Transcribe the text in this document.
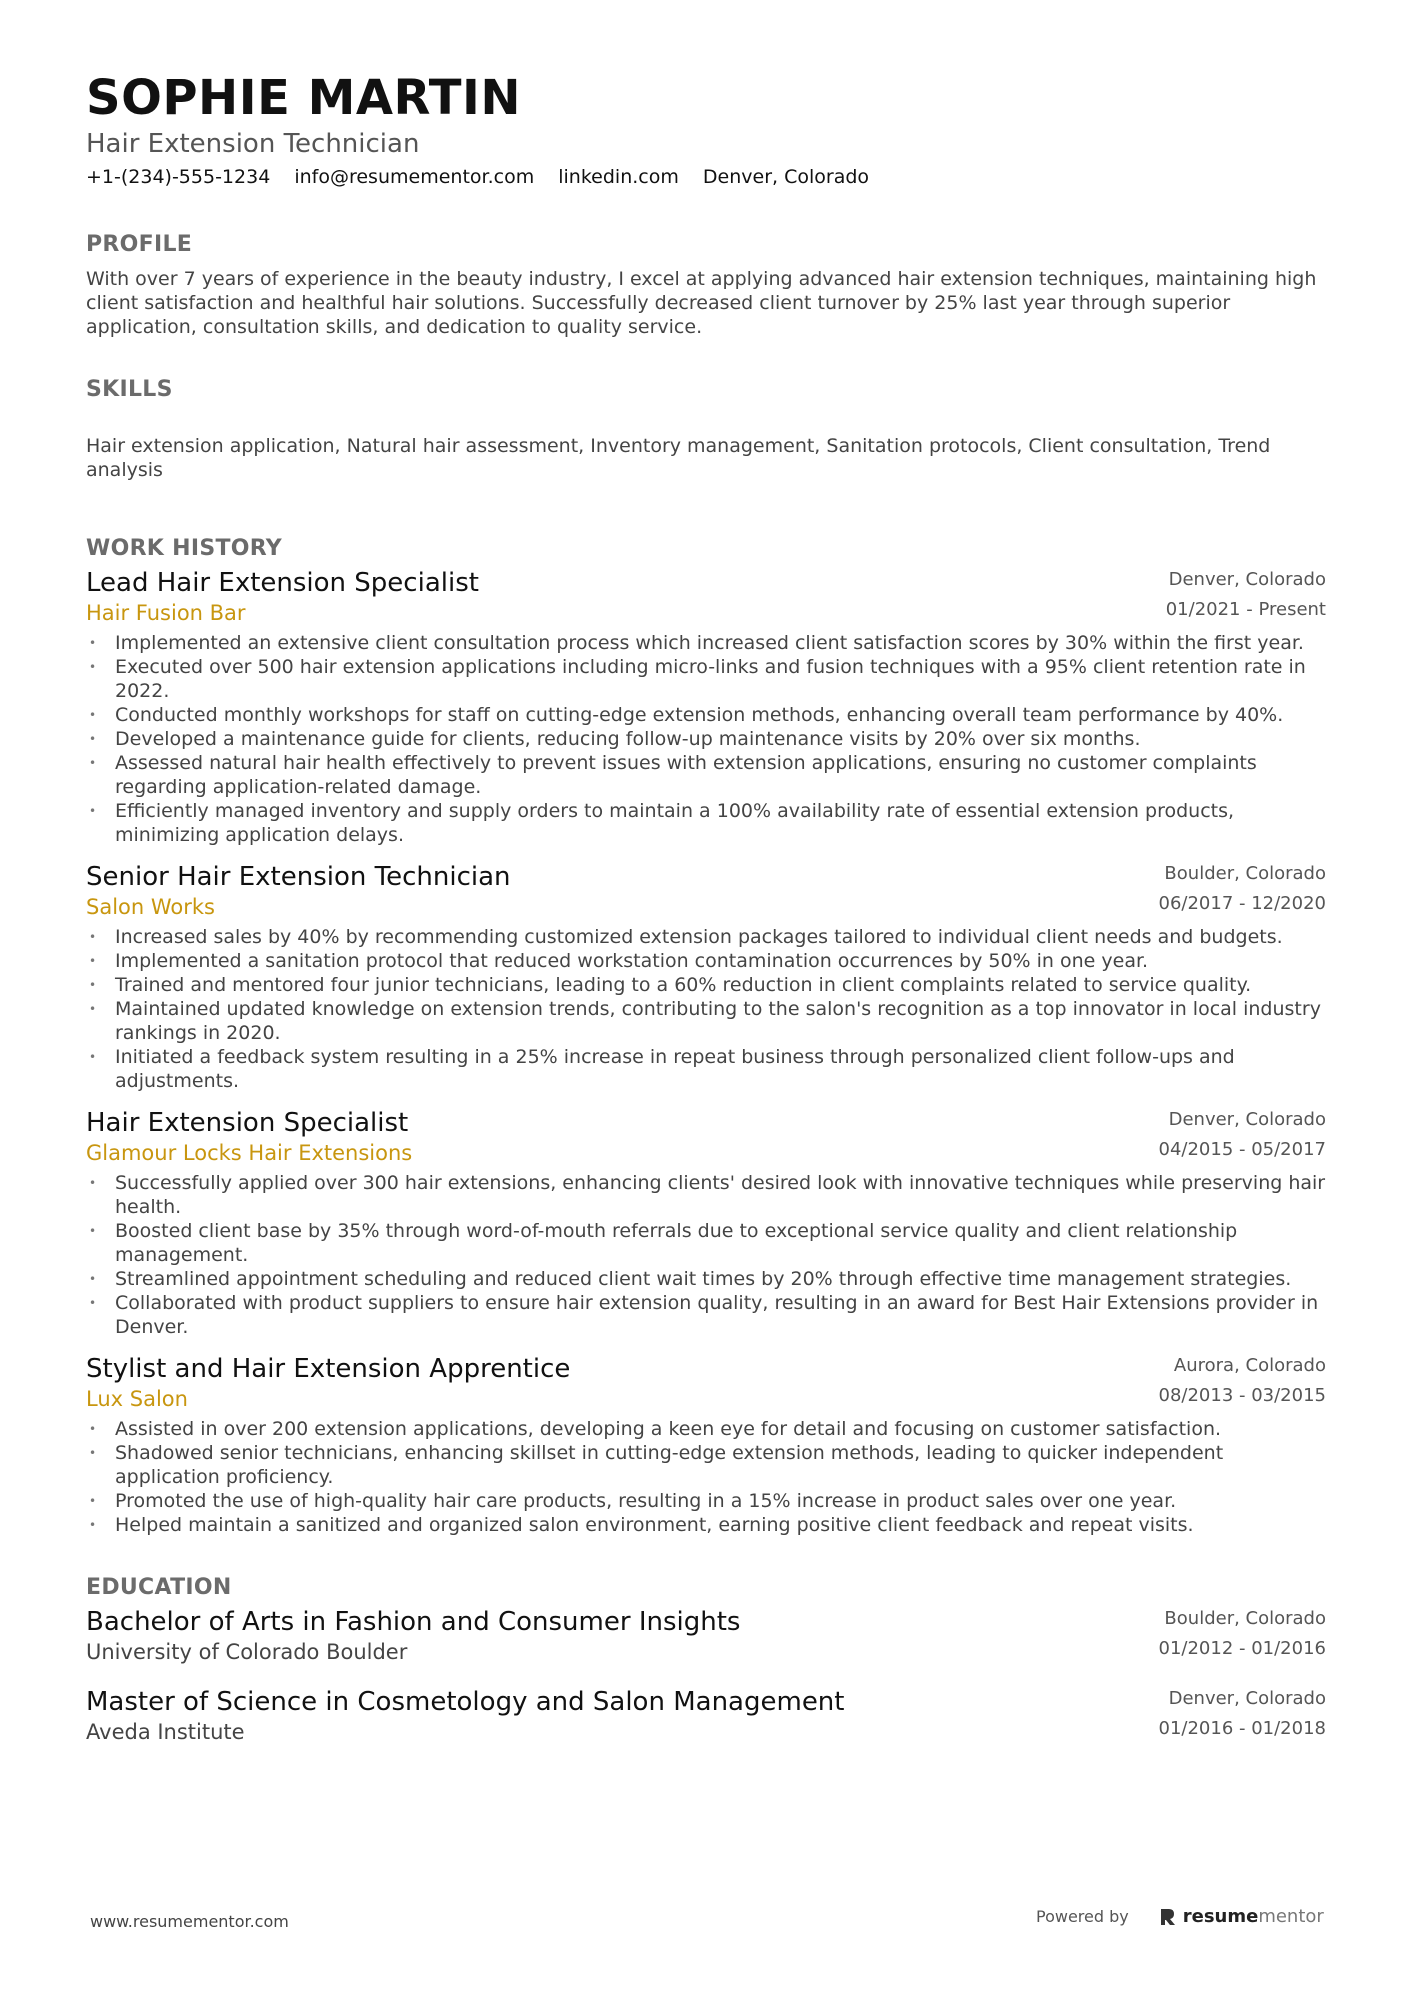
SOPHIE MARTIN
Hair Extension Technician
+1-(234)-555-1234 info@resumementor.com linkedin.com Denver, Colorado
PROFILE
With over 7 years of experience in the beauty industry, I excel at applying advanced hair extension techniques, maintaining high client satisfaction and healthful hair solutions. Successfully decreased client turnover by 25% last year through superior application, consultation skills, and dedication to quality service.
SKILLS
Hair extension application, Natural hair assessment, Inventory management, Sanitation protocols, Client consultation, Trend analysis
WORK HISTORY
Lead Hair Extension Specialist
Hair Fusion Bar
Denver, Colorado
01/2021 - Present
• Implemented an extensive client consultation process which increased client satisfaction scores by 30% within the first year.
• Executed over 500 hair extension applications including micro-links and fusion techniques with a 95% client retention rate in 2022.
• Conducted monthly workshops for staff on cutting-edge extension methods, enhancing overall team performance by 40%.
• Developed a maintenance guide for clients, reducing follow-up maintenance visits by 20% over six months.
• Assessed natural hair health effectively to prevent issues with extension applications, ensuring no customer complaints regarding application-related damage.
• Efficiently managed inventory and supply orders to maintain a 100% availability rate of essential extension products, minimizing application delays.
Senior Hair Extension Technician
Salon Works
Boulder, Colorado
06/2017 - 12/2020
• Increased sales by 40% by recommending customized extension packages tailored to individual client needs and budgets.
• Implemented a sanitation protocol that reduced workstation contamination occurrences by 50% in one year.
• Trained and mentored four junior technicians, leading to a 60% reduction in client complaints related to service quality.
• Maintained updated knowledge on extension trends, contributing to the salon's recognition as a top innovator in local industry rankings in 2020.
• Initiated a feedback system resulting in a 25% increase in repeat business through personalized client follow-ups and adjustments.
Hair Extension Specialist
Glamour Locks Hair Extensions
Denver, Colorado
04/2015 - 05/2017
• Successfully applied over 300 hair extensions, enhancing clients' desired look with innovative techniques while preserving hair health.
• Boosted client base by 35% through word-of-mouth referrals due to exceptional service quality and client relationship management.
• Streamlined appointment scheduling and reduced client wait times by 20% through effective time management strategies.
• Collaborated with product suppliers to ensure hair extension quality, resulting in an award for Best Hair Extensions provider in Denver.
Stylist and Hair Extension Apprentice
Lux Salon
Aurora, Colorado
08/2013 - 03/2015
• Assisted in over 200 extension applications, developing a keen eye for detail and focusing on customer satisfaction.
• Shadowed senior technicians, enhancing skillset in cutting-edge extension methods, leading to quicker independent application proficiency.
• Promoted the use of high-quality hair care products, resulting in a 15% increase in product sales over one year.
• Helped maintain a sanitized and organized salon environment, earning positive client feedback and repeat visits.
EDUCATION
Bachelor of Arts in Fashion and Consumer Insights
University of Colorado Boulder
Boulder, Colorado
01/2012 - 01/2016
Master of Science in Cosmetology and Salon Management
Aveda Institute
Denver, Colorado
01/2016 - 01/2018
www.resumementor.com	Powered by	resume mentor
